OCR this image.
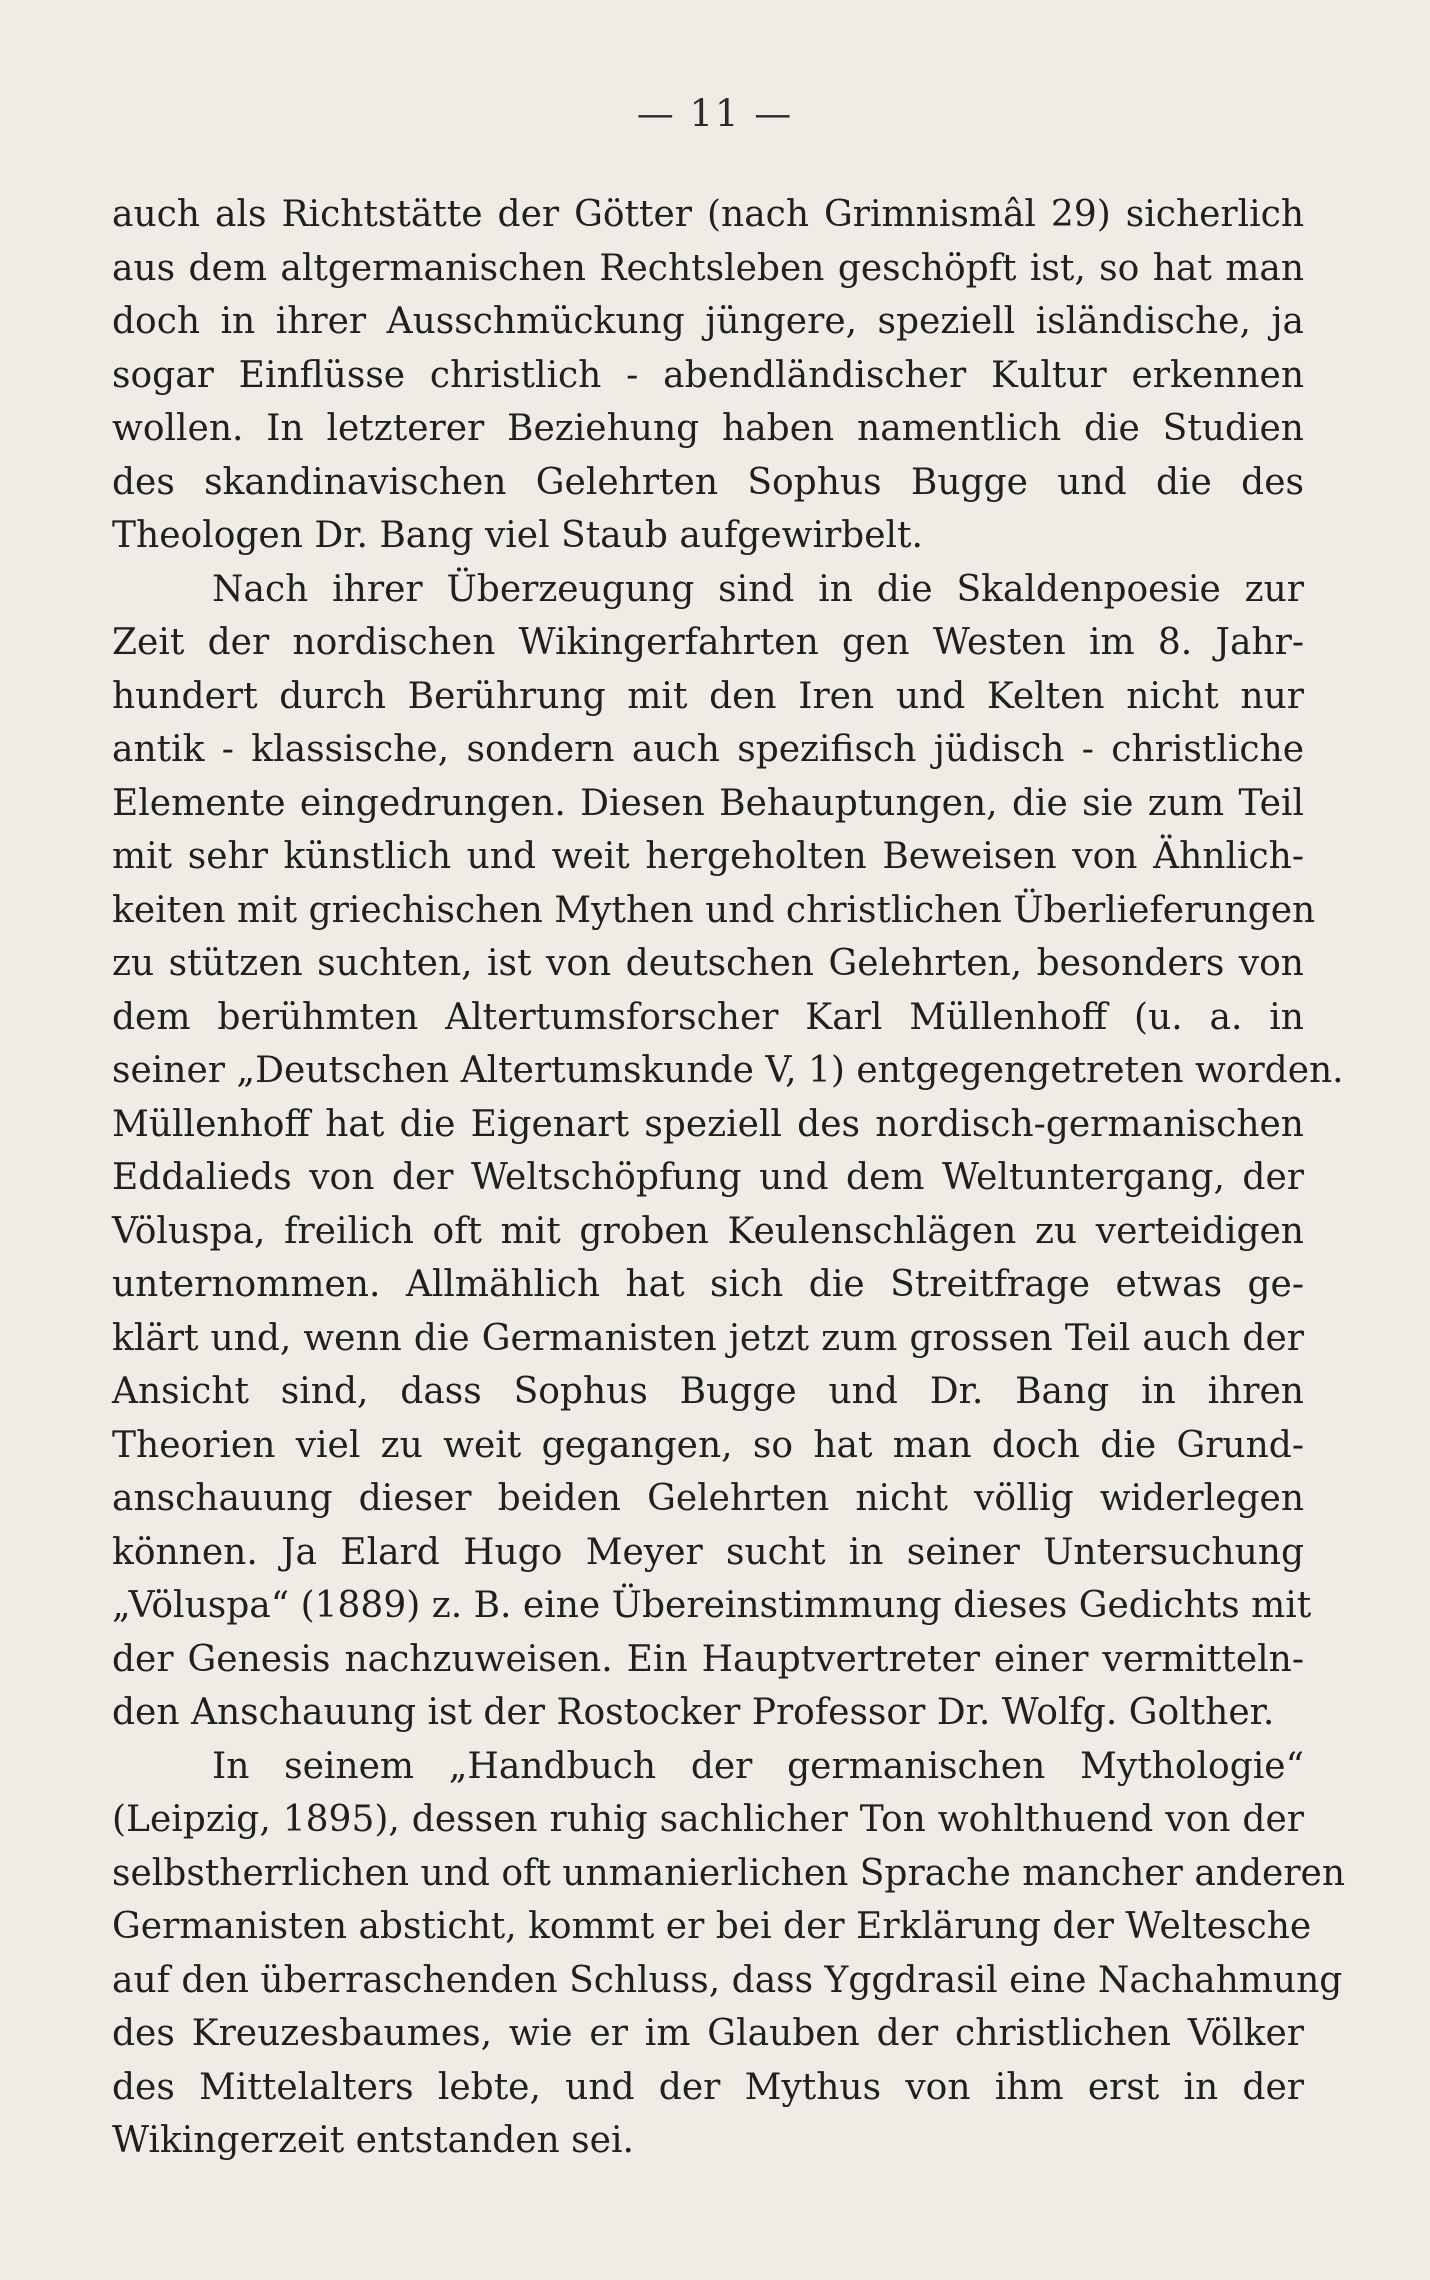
— 11 —
auch als Richtstätte der Götter (nach Grimnismâl 29) sicherlich
aus dem altgermanischen Rechtsleben geschöpft ist, so hat man
doch in ihrer Ausschmückung jüngere, speziell isländische, ja
sogar Einflüsse christlich - abendländischer Kultur erkennen
wollen. In letzterer Beziehung haben namentlich die Studien
des skandinavischen Gelehrten Sophus Bugge und die des
Theologen Dr. Bang viel Staub aufgewirbelt.
Nach ihrer Überzeugung sind in die Skaldenpoesie zur
Zeit der nordischen Wikingerfahrten gen Westen im 8. Jahr-
hundert durch Berührung mit den Iren und Kelten nicht nur
antik - klassische, sondern auch spezifisch jüdisch - christliche
Elemente eingedrungen. Diesen Behauptungen, die sie zum Teil
mit sehr künstlich und weit hergeholten Beweisen von Ähnlich-
keiten mit griechischen Mythen und christlichen Überlieferungen
zu stützen suchten, ist von deutschen Gelehrten, besonders von
dem berühmten Altertumsforscher Karl Müllenhoff (u. a. in
seiner „Deutschen Altertumskunde V, 1) entgegengetreten worden.
Müllenhoff hat die Eigenart speziell des nordisch-germanischen
Eddalieds von der Weltschöpfung und dem Weltuntergang, der
Völuspa, freilich oft mit groben Keulenschlägen zu verteidigen
unternommen. Allmählich hat sich die Streitfrage etwas ge-
klärt und, wenn die Germanisten jetzt zum grossen Teil auch der
Ansicht sind, dass Sophus Bugge und Dr. Bang in ihren
Theorien viel zu weit gegangen, so hat man doch die Grund-
anschauung dieser beiden Gelehrten nicht völlig widerlegen
können. Ja Elard Hugo Meyer sucht in seiner Untersuchung
„Völuspa“ (1889) z. B. eine Übereinstimmung dieses Gedichts mit
der Genesis nachzuweisen. Ein Hauptvertreter einer vermitteln-
den Anschauung ist der Rostocker Professor Dr. Wolfg. Golther.
In seinem „Handbuch der germanischen Mythologie“
(Leipzig, 1895), dessen ruhig sachlicher Ton wohlthuend von der
selbstherrlichen und oft unmanierlichen Sprache mancher anderen
Germanisten absticht, kommt er bei der Erklärung der Weltesche
auf den überraschenden Schluss, dass Yggdrasil eine Nachahmung
des Kreuzesbaumes, wie er im Glauben der christlichen Völker
des Mittelalters lebte, und der Mythus von ihm erst in der
Wikingerzeit entstanden sei.
